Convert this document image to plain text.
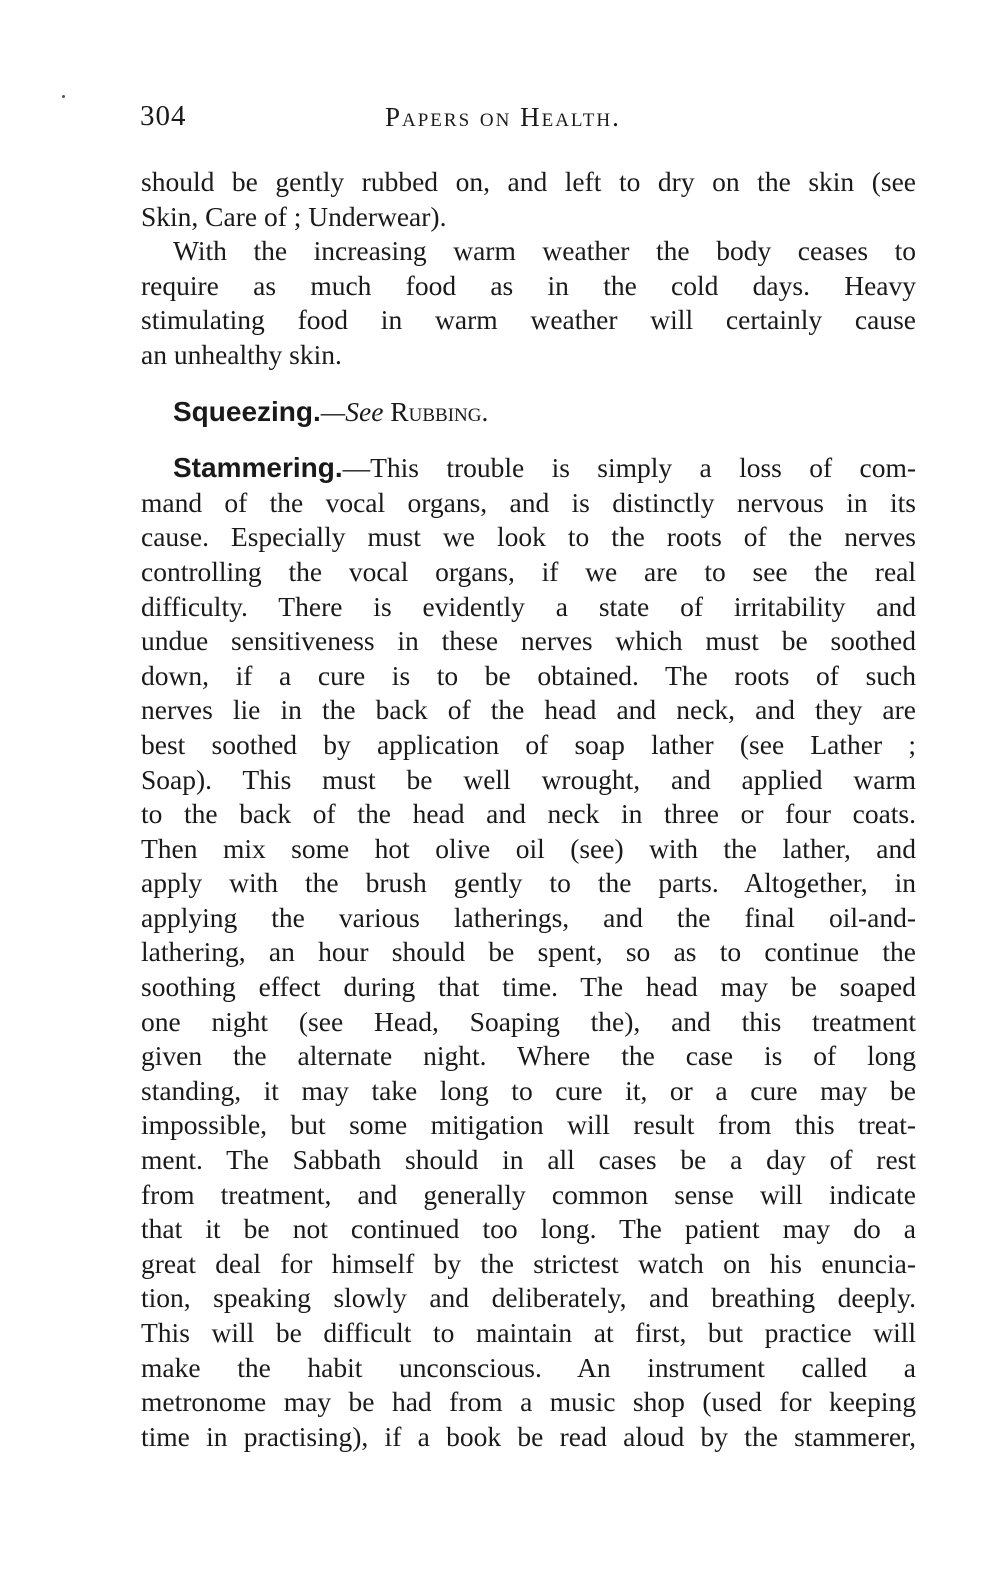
304	Papers on Health.
should be gently rubbed on, and left to dry on the skin (see
Skin, Care of ; Underwear).
With the increasing warm weather the body ceases to
require as much food as in the cold days. Heavy
stimulating food in warm weather will certainly cause
an unhealthy skin.
Squeezing.—See Rubbing.
Stammering.—This trouble is simply a loss of com-
mand of the vocal organs, and is distinctly nervous in its
cause. Especially must we look to the roots of the nerves
controlling the vocal organs, if we are to see the real
difficulty. There is evidently a state of irritability and
undue sensitiveness in these nerves which must be soothed
down, if a cure is to be obtained. The roots of such
nerves lie in the back of the head and neck, and they are
best soothed by application of soap lather (see Lather ;
Soap). This must be well wrought, and applied warm
to the back of the head and neck in three or four coats.
Then mix some hot olive oil (see) with the lather, and
apply with the brush gently to the parts. Altogether, in
applying the various latherings, and the final oil-and-
lathering, an hour should be spent, so as to continue the
soothing effect during that time. The head may be soaped
one night (see Head, Soaping the), and this treatment
given the alternate night. Where the case is of long
standing, it may take long to cure it, or a cure may be
impossible, but some mitigation will result from this treat-
ment. The Sabbath should in all cases be a day of rest
from treatment, and generally common sense will indicate
that it be not continued too long. The patient may do a
great deal for himself by the strictest watch on his enuncia-
tion, speaking slowly and deliberately, and breathing deeply.
This will be difficult to maintain at first, but practice will
make the habit unconscious. An instrument called a
metronome may be had from a music shop (used for keeping
time in practising), if a book be read aloud by the stammerer,
